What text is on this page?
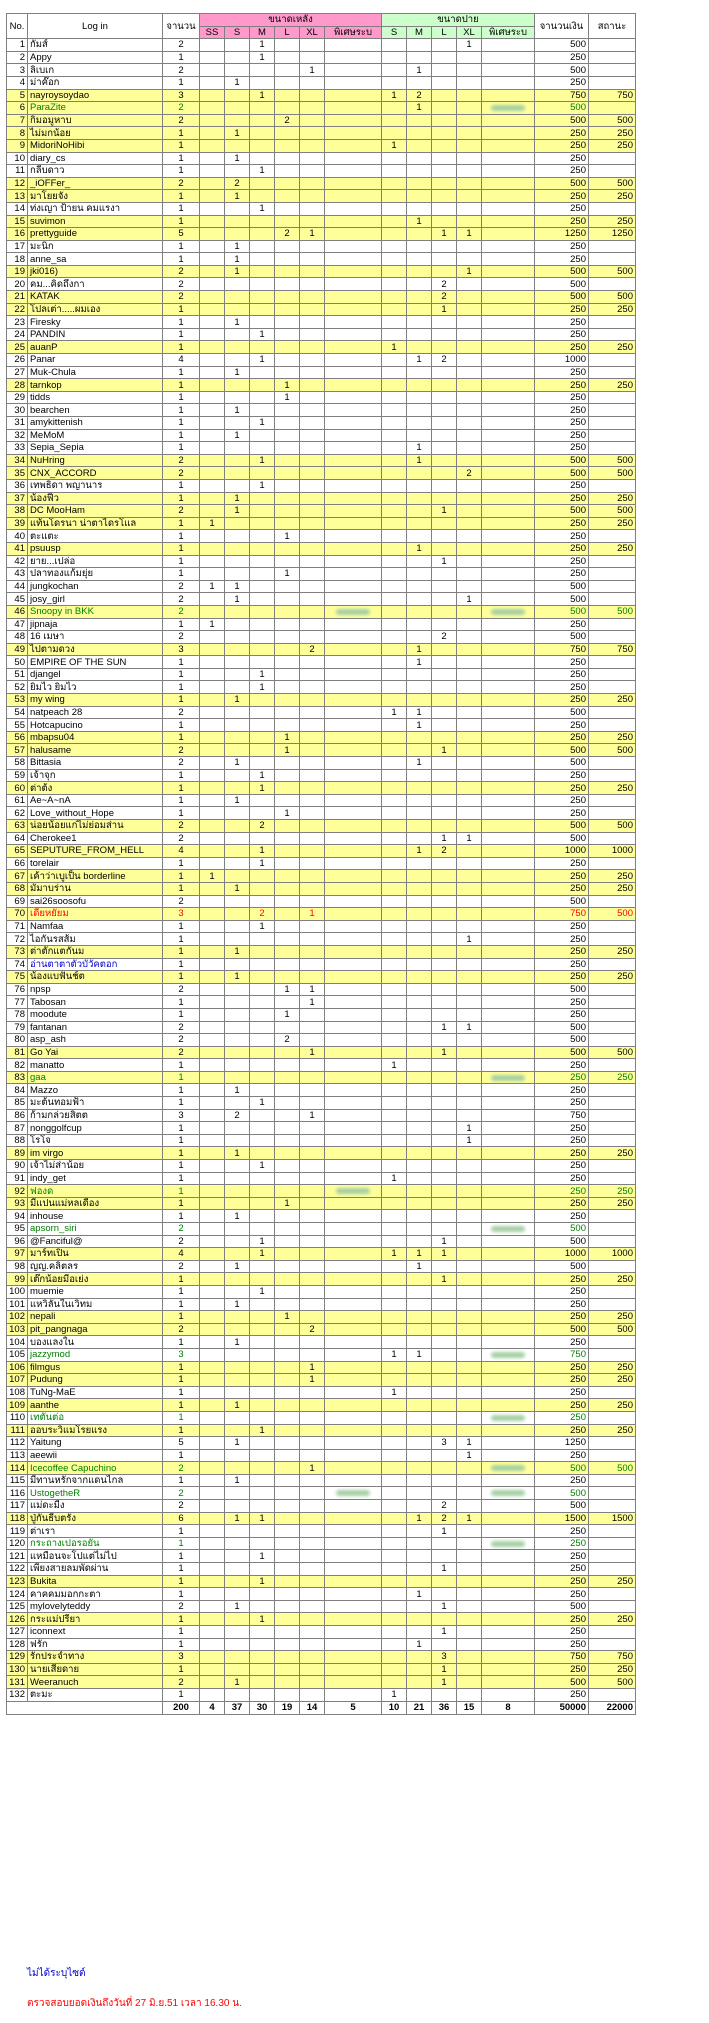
No.	Log in	จานวน	ขนาดเหลัง						ขนาดปาย					จานวนเงิน	สถานะ
			SS	S	M	L	XL	พิเศษระบ	S	M	L	XL	พิเศษระบ		
1	กัมส์	2			1							1		500	
2	Appy	1			1									250	
3	ลิเบเก	2					1			1				500	
4	ม่าค๊อก	1		1										250	
5	nayroysoydao	3			1				1	2				750	750
6	ParaZite	2								1				500	
7	กิมอมูหาบ	2				2								500	500
8	ไม่มกน้อย	1		1										250	250
9	MidoriNoHibi	1							1					250	250
10	diary_cs	1		1										250	
11	กลีบดาว	1			1									250	
12	_iOFFer_	2		2										500	500
13	มาโยยจัง	1		1										250	250
14	ท่งเญา ป้ายน คมแรงา	1			1									250	
15	suvimon	1								1				250	250
16	prettyguide	5				2	1				1	1		1250	1250
17	มะนิก	1		1										250	
18	anne_sa	1		1										250	
19	jki016)	2		1								1		500	500
20	คม...คิดถึงกา	2									2			500	
21	KATAK	2									2			500	500
22	โปลเต่า.....ผมเอง	1									1			250	250
23	Firesky	1		1										250	
24	PANDIN	1			1									250	
25	auanP	1							1					250	250
26	Panar	4			1					1	2			1000	
27	Muk-Chula	1		1										250	
28	tarnkop	1				1								250	250
29	tidds	1				1								250	
30	bearchen	1		1										250	
31	amykittenish	1			1									250	
32	MeMoM	1		1										250	
33	Sepia_Sepia	1								1				250	
34	NuHring	2			1					1				500	500
35	CNX_ACCORD	2										2		500	500
36	เทพธิดา พญานาร	1			1									250	
37	น้องฟีว	1		1										250	250
38	DC MooHam	2		1							1			500	500
39	แท้นโดรนา น่าตาไดรโแล	1	1											250	250
40	ตะแตะ	1				1								250	
41	psuusp	1								1				250	250
42	ยาย...เปล่อ	1									1			250	
43	ปลาทองแก้มยุ่ย	1				1								250	
44	jungkochan	2	1	1										500	
45	josy_girl	2		1								1		500	
46	Snoopy in BKK	2												500	500
47	jipnaja	1	1											250	
48	16 เมษา	2									2			500	
49	ไปตามดวง	3					2			1				750	750
50	EMPIRE OF THE SUN	1								1				250	
51	djangel	1			1									250	
52	ยิมไว ยิมไว	1			1									250	
53	my wing	1		1										250	250
54	natpeach 28	2							1	1				500	
55	Hotcapucino	1								1				250	
56	mbapsu04	1				1								250	250
57	halusame	2				1					1			500	500
58	Bittasia	2		1						1				500	
59	เจ้าจุก	1			1									250	
60	ต่าต้ง	1			1									250	250
61	Ae~A~nA	1		1										250	
62	Love_without_Hope	1				1								250	
63	น่อยน้อยแก่ไม่ย่อมส่าน	2			2									500	500
64	Cherokee1	2									1	1		500	
65	SEPUTURE_FROM_HELL	4			1					1	2			1000	1000
66	torelair	1			1									250	
67	เค้าว่าเบูเป็น borderline	1	1											250	250
68	มัมาบร่าน	1		1										250	250
69	sai26soosofu	2												500	
70	เดียหยัยม	3			2		1							750	500
71	Namfaa	1			1									250	
72	ไอกันรสส้ม	1										1		250	
73	ต่าตั๊กแตกันม	1		1										250	250
74	อ่านตาตาตัวบัวัคตอก	1												250	
75	น้องแบฟันช์ต	1		1										250	250
76	npsp	2				1	1							500	
77	Tabosan	1					1							250	
78	moodute	1				1								250	
79	fantanan	2									1	1		500	
80	asp_ash	2				2								500	
81	Go Yai	2					1				1			500	500
82	manatto	1							1					250	
83	gaa	1												250	250
84	Mazzo	1		1										250	
85	มะต้นทอมฟ้า	1			1									250	
86	ก้ามกล่วยสิตต	3		2			1							750	
87	nonggolfcup	1										1		250	
88	โรโจ	1										1		250	
89	im virgo	1		1										250	250
90	เจ้าไม่ส่าน้อย	1			1									250	
91	indy_get	1							1					250	
92	ฟองด	1												250	250
93	มีแปนแม่หลเดี่อง	1				1								250	250
94	inhouse	1		1										250	
95	apsorn_siri	2												500	
96	@Fanciful@	2			1						1			500	
97	มาร์ทเปิน	4			1				1	1	1			1000	1000
98	ญญ.คลิตลร	2		1						1				500	
99	เต๊กน้อยมีอเย่ง	1									1			250	250
100	muemie	1			1									250	
101	แหวิลันในเวิ่ทม	1		1										250	
102	nepali	1				1								250	250
103	pit_pangnaga	2					2							500	500
104	บองแลงใน	1		1										250	
105	jazzymod	3							1	1				750	
106	filmgus	1					1							250	250
107	Pudung	1					1							250	250
108	TuNg-MaE	1							1					250	
109	aanthe	1		1										250	250
110	เทตันต่อ	1												250	
111	ออบระวิแมโรยแรง	1			1									250	250
112	Yaitung	5		1							3	1		1250	
113	aeewii	1										1		250	
114	Icecoffee Capuchino	2					1							500	500
115	มีทานหรักจากแดนไกล	1		1										250	
116	UstogetheR	2												500	
117	แม่ดะมีง	2									2			500	
118	ปู่กันธีบตรัง	6		1	1					1	2	1		1500	1500
119	ต่าเรา	1									1			250	
120	กระถางเปอรอยัน	1												250	
121	แหมือนจะโปแต่ไม่ไป	1			1									250	
122	เพียงสายลมพัดผ่าน	1									1			250	
123	Bukita	1			1									250	250
124	คาคคมมอกกะตา	1								1				250	
125	mylovelyteddy	2		1							1			500	
126	กระแม่ปรียา	1			1									250	250
127	iconnext	1									1			250	
128	ฟรัก	1								1				250	
129	รักประจำทาง	3									3			750	750
130	นายเสียดาย	1									1			250	250
131	Weeranuch	2		1							1			500	500
132	ตะมะ	1							1					250	
		200	4	37	30	19	14	5	10	21	36	15	8	50000	22000
ไม่ได้ระบุไซต์
ตรวจสอบยอดเงินถึงวันที่ 27 มิ.ย.51 เวลา 16.30 น.
